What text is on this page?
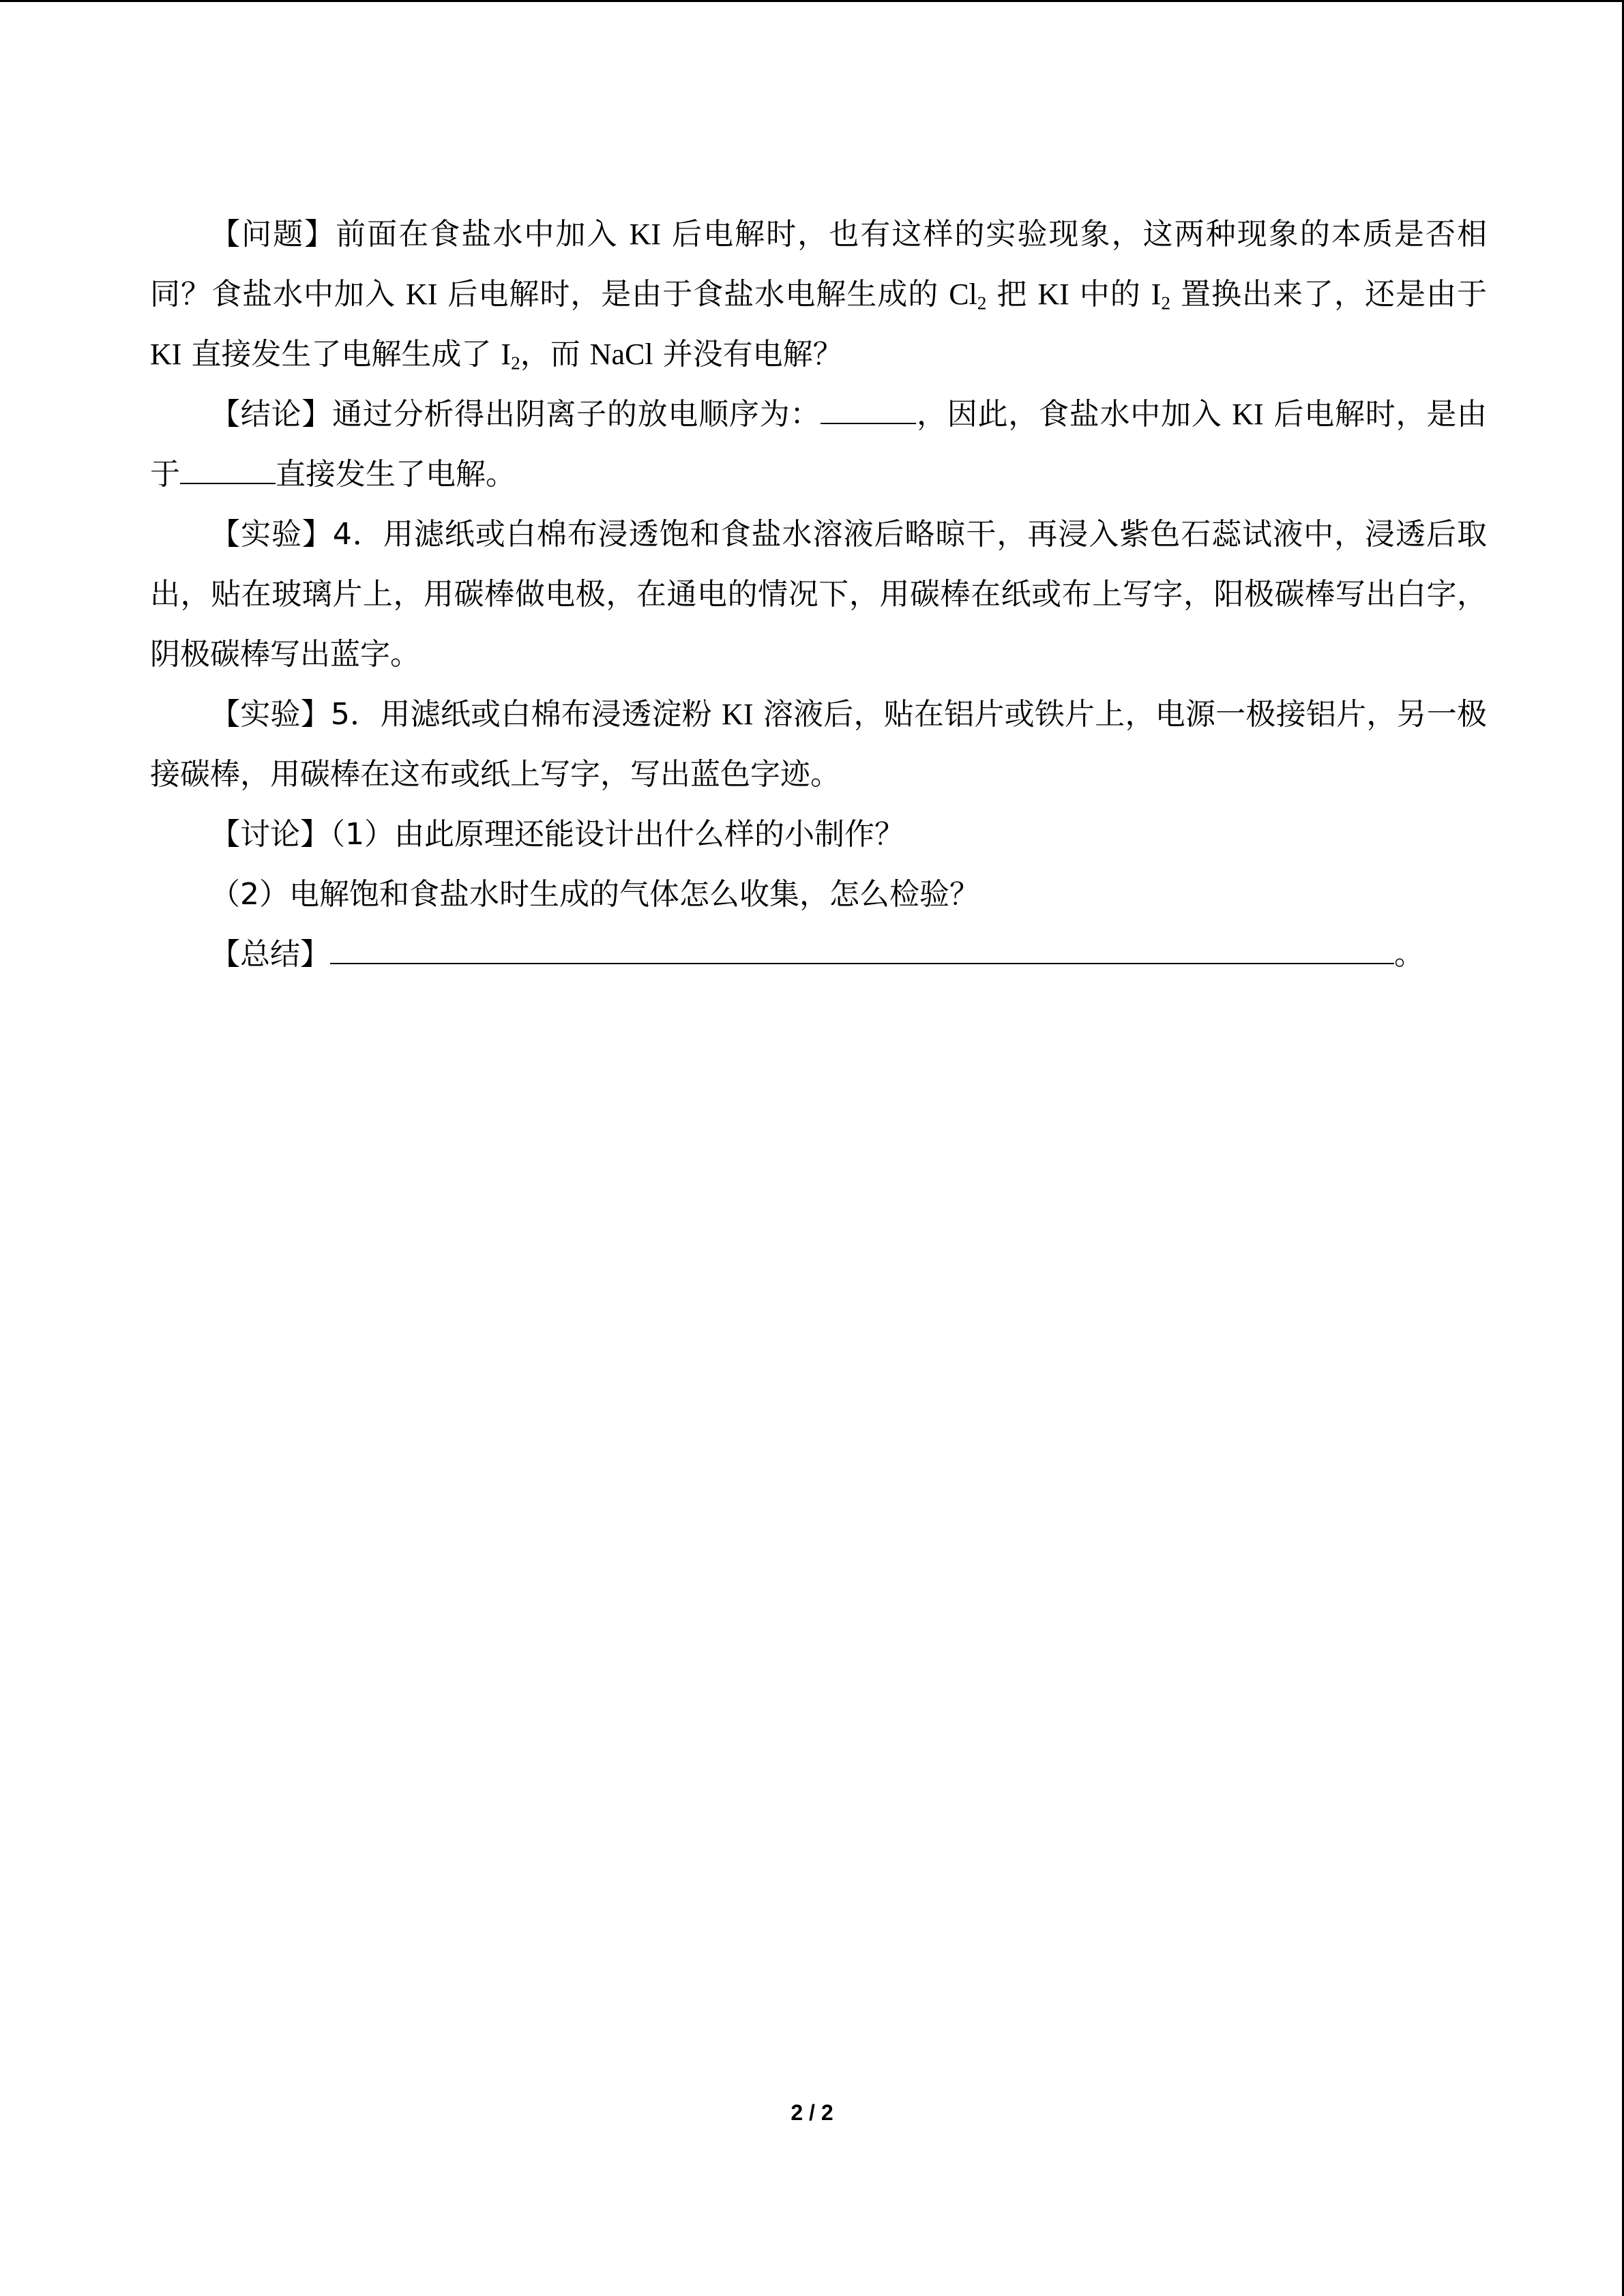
【问题】前面在食盐水中加入 KI 后电解时，也有这样的实验现象，这两种现象的本质是否相同？食盐水中加入 KI 后电解时，是由于食盐水电解生成的 $Cl_2$ 把 KI 中的 $I_2$ 置换出来了，还是由于 KI 直接发生了电解生成了 $I_2$，而 NaCl 并没有电解？

【结论】通过分析得出阴离子的放电顺序为：	，因此，食盐水中加入 KI 后电解时，是由于	直接发生了电解。

【实验】4．用滤纸或白棉布浸透饱和食盐水溶液后略晾干，再浸入紫色石蕊试液中，浸透后取出，贴在玻璃片上，用碳棒做电极，在通电的情况下，用碳棒在纸或布上写字，阳极碳棒写出白字，阴极碳棒写出蓝字。

【实验】5．用滤纸或白棉布浸透淀粉 KI 溶液后，贴在铝片或铁片上，电源一极接铝片，另一极接碳棒，用碳棒在这布或纸上写字，写出蓝色字迹。

【讨论】（1）由此原理还能设计出什么样的小制作？

（2）电解饱和食盐水时生成的气体怎么收集，怎么检验？

【总结】	。

2 / 2
